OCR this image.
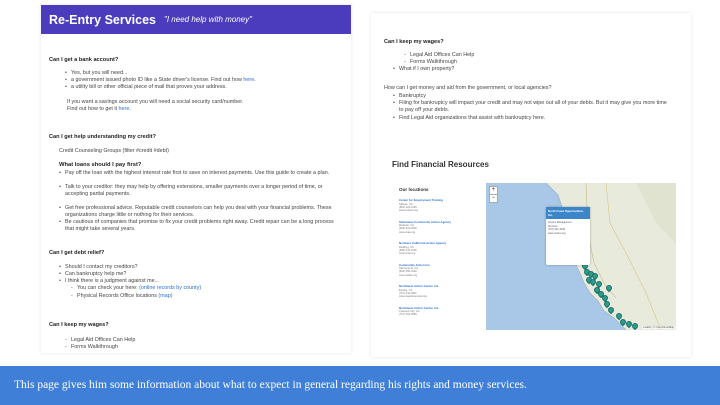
Re-Entry Services "I need help with money"
Can I get a bank account?
• Yes, but you will need...
• a government issued photo ID like a State driver's license. Find out how here.
• a utility bill or other official piece of mail that proves your address.
If you want a savings account you will need a social security card/number.
Find out how to get it here.
Can I get help understanding my credit?
Credit Counseling Groups (filter #credit #debt)
What loans should I pay first?
• Pay off the loan with the highest interest rate first to save on interest payments. Use this guide to create a plan.
• Talk to your creditor: they may help by offering extensions, smaller payments over a longer period of time, or accepting partial payments.
• Get free professional advice. Reputable credit counselors can help you deal with your financial problems. These organizations charge little or nothing for their services.
• Be cautious of companies that promise to fix your credit problems right away. Credit repair can be a long process that might take several years.
Can I get debt relief?
• Should I contact my creditors?
• Can bankruptcy help me?
• I think there is a judgment against me...
- You can check your here: (online records by county)
- Physical Records Office locations (map)
Can I keep my wages?
- Legal Aid Offices Can Help
- Forms Walkthrough
Can I keep my wages?
- Legal Aid Offices Can Help
- Forms Walkthrough
• What if I own property?
How can I get money and aid from the government, or local agencies?
• Bankruptcy
• Filing for bankruptcy will impact your credit and may not wipe out all of your debts. But it may give you more time to pay off your debts.
• Find Legal Aid organizations that assist with bankruptcy here.
Find Financial Resources
Our locations
Center for Employment Training
Salinas, CA
(831) 424-3145
www.cetweb.org
Stanislaus Community Action Agency
Modesto, CA
(209) 522-4000
www.scaa.org
Northern California Action Agency
Redding, CA
(530) 241-1036
www.ncaa.org
Community Action Inc.
Sacramento, CA
(916) 555-0140
www.caisac.org
Northwest Action Center, Inc.
Eureka, CA
(707) 444-3831
www.nwactioncenter.org
Northwest Action Center, Inc.
Crescent City, CA
(707) 464-3069
North Coast Opportunities, Inc.
Income Management
Services
(707) 467-3200
www.ncoinc.org
+
−
Leaflet | © OpenStreetMap
This page gives him some information about what to expect in general regarding his rights and money services.
